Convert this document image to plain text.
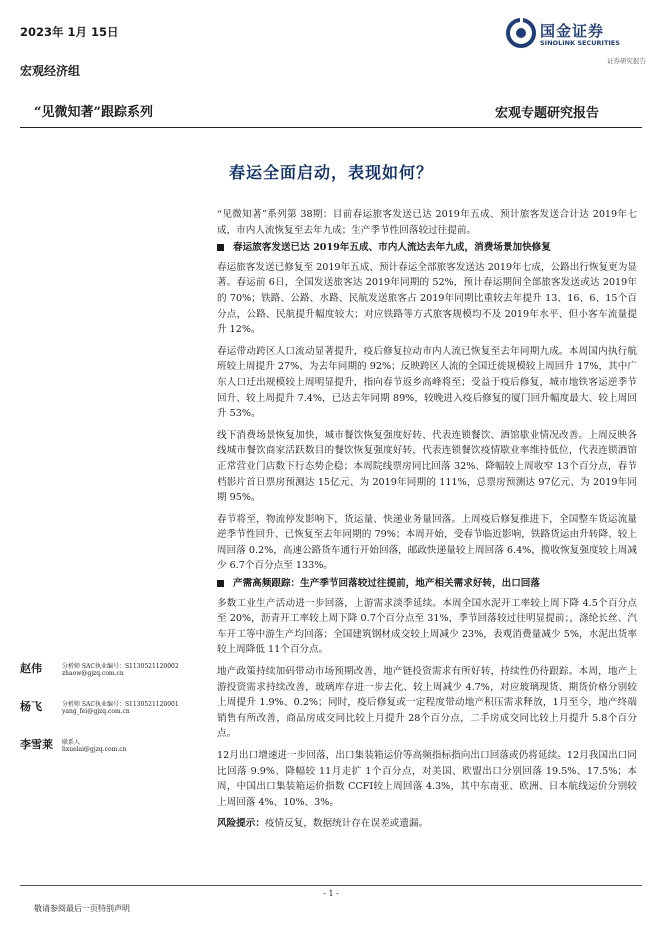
2023年 1月 15日	国金证券
SINOLINK SECURITIES
证券研究报告
宏观经济组
“见微知著”跟踪系列	宏观专题研究报告
春运全面启动，表现如何？

“见微知著”系列第 38期：目前春运旅客发送已达 2019年五成、预计旅客发送合计达 2019年七成，市内人流恢复至去年九成；生产季节性回落较过往提前。

春运旅客发送已达 2019年五成、市内人流达去年九成，消费场景加快修复

春运旅客发送已修复至 2019年五成、预计春运全部旅客发送达 2019年七成，公路出行恢复更为显著。春运前 6日，全国发送旅客达 2019年同期的 52%，预计春运期间全部旅客发送或达 2019年的 70%；铁路、公路、水路、民航发送旅客占 2019年同期比重较去年提升 13、16、6、15个百分点，公路、民航提升幅度较大；对应铁路等方式旅客规模均不及 2019年水平、但小客车流量提升 12%。

春运带动跨区人口流动显著提升，疫后修复拉动市内人流已恢复至去年同期九成。本周国内执行航班较上周提升 27%、为去年同期的 92%；反映跨区人流的全国迁徙规模较上周回升 17%，其中广东人口迁出规模较上周明显提升，指向春节返乡高峰将至；受益于疫后修复，城市地铁客运逆季节回升、较上周提升 7.4%，已达去年同期 89%，较晚进入疫后修复的厦门回升幅度最大、较上周回升 53%。

线下消费场景恢复加快，城市餐饮恢复强度好转、代表连锁餐饮、酒馆歇业情况改善。上周反映各线城市餐饮商家活跃数目的餐饮恢复强度好转，代表连锁餐饮疫情歇业率维持低位，代表连锁酒馆正常营业门店数下行态势企稳；本周院线票房同比回落 32%、降幅较上周收窄 13个百分点，春节档影片首日票房预测达 15亿元、为 2019年同期的 111%，总票房预测达 97亿元、为 2019年同期 95%。

春节将至，物流停发影响下，货运量、快递业务量回落。上周疫后修复推进下，全国整车货运流量逆季节性回升、已恢复至去年同期的 79%；本周开始，受春节临近影响，铁路货运由升转降、较上周回落 0.2%，高速公路货车通行开始回落，邮政快递量较上周回落 6.4%，揽收恢复强度较上周减少 6.7个百分点至 133%。

产需高频跟踪：生产季节回落较过往提前，地产相关需求好转，出口回落

多数工业生产活动进一步回落，上游需求淡季延续。本周全国水泥开工率较上周下降 4.5个百分点至 20%，沥青开工率较上周下降 0.7个百分点至 31%，季节回落较过往明显提前；，涤纶长丝、汽车开工等中游生产均回落；全国建筑钢材成交较上周减少 23%，表观消费量减少 5%，水泥出货率较上周降低 11个百分点。

地产政策持续加码带动市场预期改善，地产链投资需求有所好转，持续性仍待跟踪。本周，地产上游投资需求持续改善，玻璃库存进一步去化、较上周减少 4.7%，对应玻璃现货、期货价格分别较上周提升 1.9%、0.2%；同时，疫后修复或一定程度带动地产积压需求释放，1月至今，地产终端销售有所改善，商品房成交同比较上月提升 28个百分点，二手房成交同比较上月提升 5.8个百分点。

12月出口增速进一步回落，出口集装箱运价等高频指标指向出口回落或仍将延续。12月我国出口同比回落 9.9%、降幅较 11月走扩 1个百分点，对美国、欧盟出口分别回落 19.5%、17.5%；本周，中国出口集装箱运价指数 CCFI较上周回落 4.3%，其中东南亚、欧洲、日本航线运价分别较上周回落 4%、10%、3%。

风险提示：疫情反复，数据统计存在误差或遗漏。

赵伟	分析师 SAC执业编号：S1130521120002
zhaow@gjzq.com.cn
杨飞	分析师 SAC执业编号：S1130521120001
yang_fei@gjzq.com.cn
李雪莱 联系人
lixuelai@gjzq.com.cn
- 1 -
敬请参阅最后一页特别声明
